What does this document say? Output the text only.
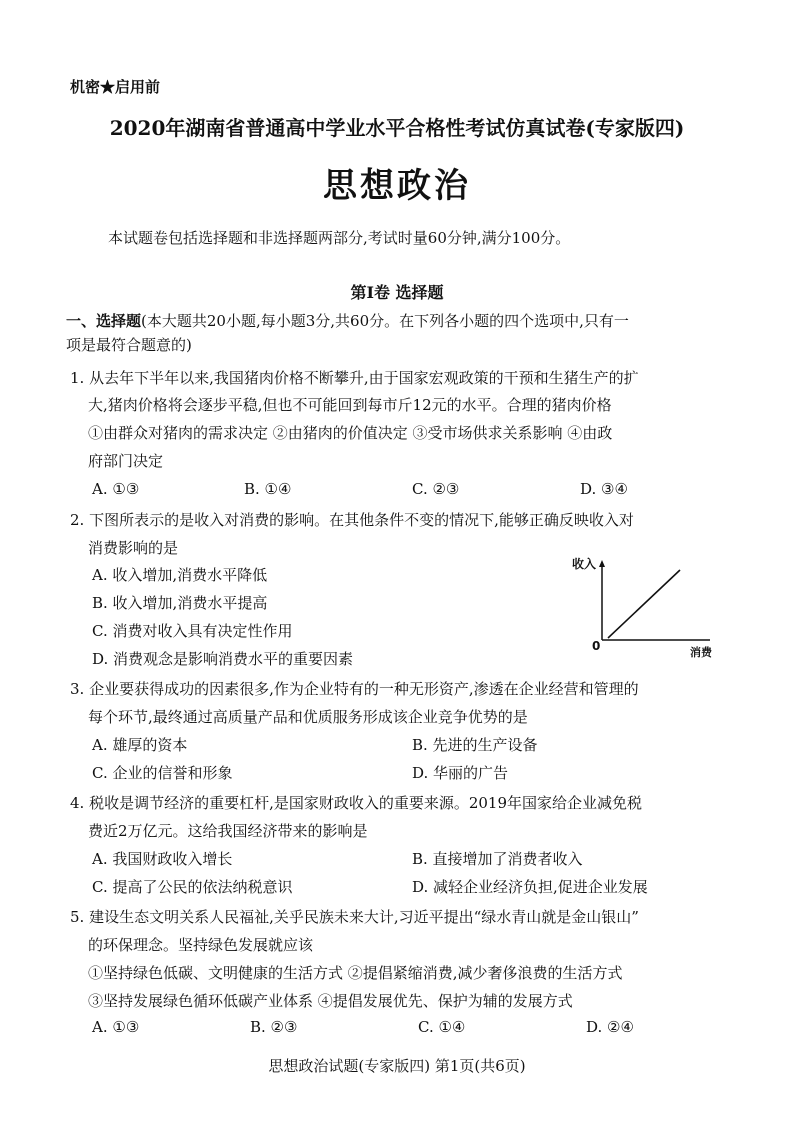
机密★启用前
2020年湖南省普通高中学业水平合格性考试仿真试卷(专家版四)
思想政治
本试题卷包括选择题和非选择题两部分,考试时量60分钟,满分100分。
第Ⅰ卷 选择题
一、选择题(本大题共20小题,每小题3分,共60分。在下列各小题的四个选项中,只有一
项是最符合题意的)
1. 从去年下半年以来,我国猪肉价格不断攀升,由于国家宏观政策的干预和生猪生产的扩
大,猪肉价格将会逐步平稳,但也不可能回到每市斤12元的水平。合理的猪肉价格
①由群众对猪肉的需求决定 ②由猪肉的价值决定 ③受市场供求关系影响 ④由政
府部门决定
A. ①③	B. ①④	C. ②③	D. ③④
2. 下图所表示的是收入对消费的影响。在其他条件不变的情况下,能够正确反映收入对
消费影响的是
A. 收入增加,消费水平降低
B. 收入增加,消费水平提高
C. 消费对收入具有决定性作用
D. 消费观念是影响消费水平的重要因素
收入
0	消费
3. 企业要获得成功的因素很多,作为企业特有的一种无形资产,渗透在企业经营和管理的
每个环节,最终通过高质量产品和优质服务形成该企业竞争优势的是
A. 雄厚的资本	B. 先进的生产设备
C. 企业的信誉和形象	D. 华丽的广告
4. 税收是调节经济的重要杠杆,是国家财政收入的重要来源。2019年国家给企业减免税
费近2万亿元。这给我国经济带来的影响是
A. 我国财政收入增长	B. 直接增加了消费者收入
C. 提高了公民的依法纳税意识	D. 减轻企业经济负担,促进企业发展
5. 建设生态文明关系人民福祉,关乎民族未来大计,习近平提出“绿水青山就是金山银山”
的环保理念。坚持绿色发展就应该
①坚持绿色低碳、文明健康的生活方式 ②提倡紧缩消费,减少奢侈浪费的生活方式
③坚持发展绿色循环低碳产业体系 ④提倡发展优先、保护为辅的发展方式
A. ①③	B. ②③	C. ①④	D. ②④
思想政治试题(专家版四) 第1页(共6页)
